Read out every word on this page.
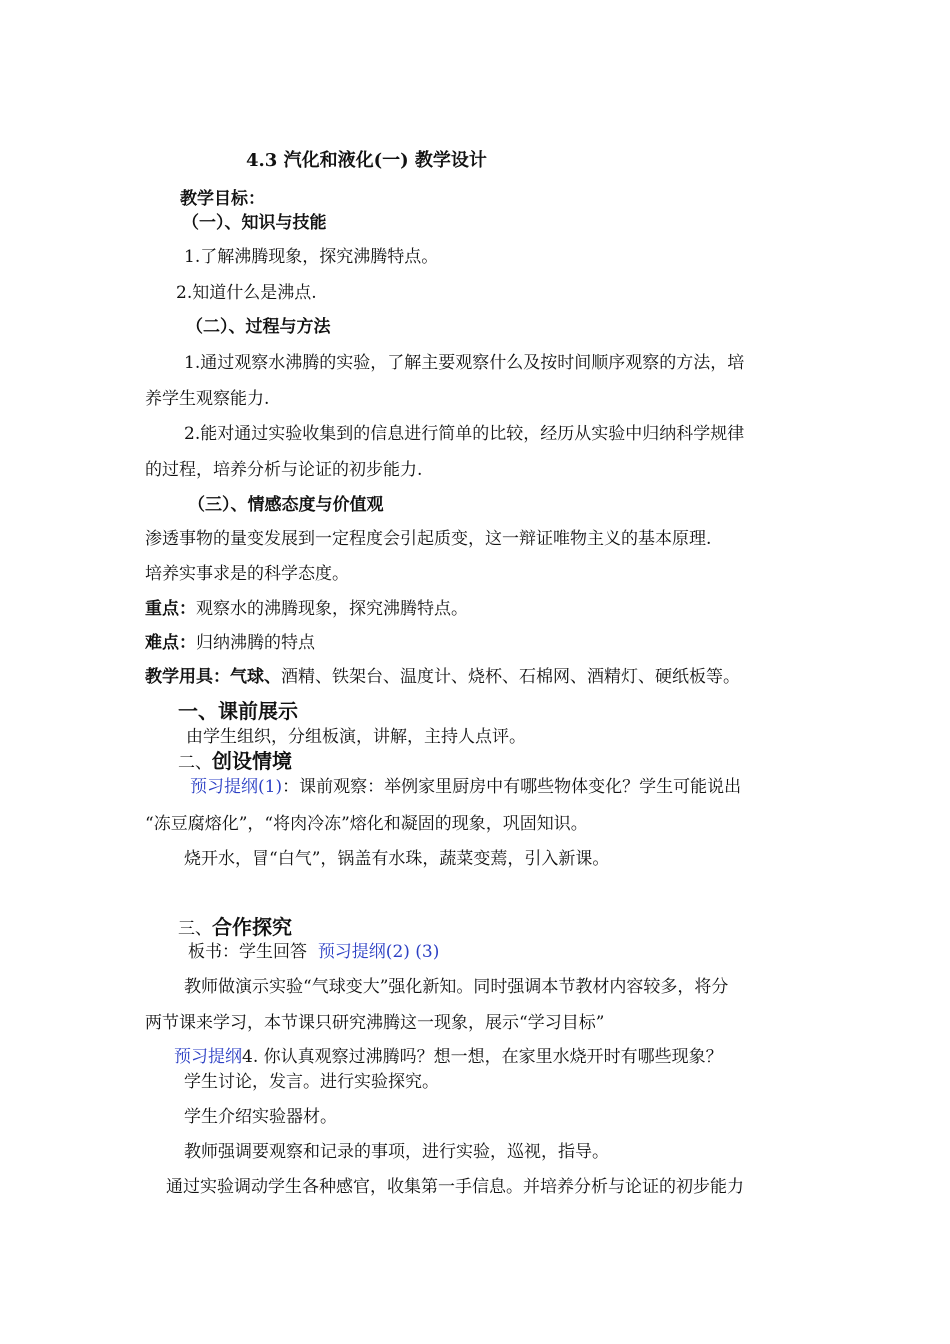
4.3 汽化和液化(一) 教学设计
教学目标：
（一）、知识与技能
1.了解沸腾现象，探究沸腾特点。
2.知道什么是沸点.
（二）、过程与方法
1.通过观察水沸腾的实验，了解主要观察什么及按时间顺序观察的方法，培
养学生观察能力.
2.能对通过实验收集到的信息进行简单的比较，经历从实验中归纳科学规律
的过程，培养分析与论证的初步能力.
（三）、情感态度与价值观
渗透事物的量变发展到一定程度会引起质变，这一辩证唯物主义的基本原理.
培养实事求是的科学态度。
重点：观察水的沸腾现象，探究沸腾特点。
难点：归纳沸腾的特点
教学用具：气球、酒精、铁架台、温度计、烧杯、石棉网、酒精灯、硬纸板等。
一、课前展示
由学生组织，分组板演，讲解，主持人点评。
二、创设情境
预习提纲(1)：课前观察：举例家里厨房中有哪些物体变化？学生可能说出
“冻豆腐熔化”，“将肉冷冻”熔化和凝固的现象，巩固知识。
烧开水，冒“白气”，锅盖有水珠，蔬菜变蔫，引入新课。
三、合作探究
板书：学生回答 预习提纲(2) (3)
教师做演示实验“气球变大”强化新知。同时强调本节教材内容较多，将分
两节课来学习，本节课只研究沸腾这一现象，展示“学习目标”
预习提纲4. 你认真观察过沸腾吗？想一想，在家里水烧开时有哪些现象？
学生讨论，发言。进行实验探究。
学生介绍实验器材。
教师强调要观察和记录的事项，进行实验，巡视，指导。
通过实验调动学生各种感官，收集第一手信息。并培养分析与论证的初步能力
